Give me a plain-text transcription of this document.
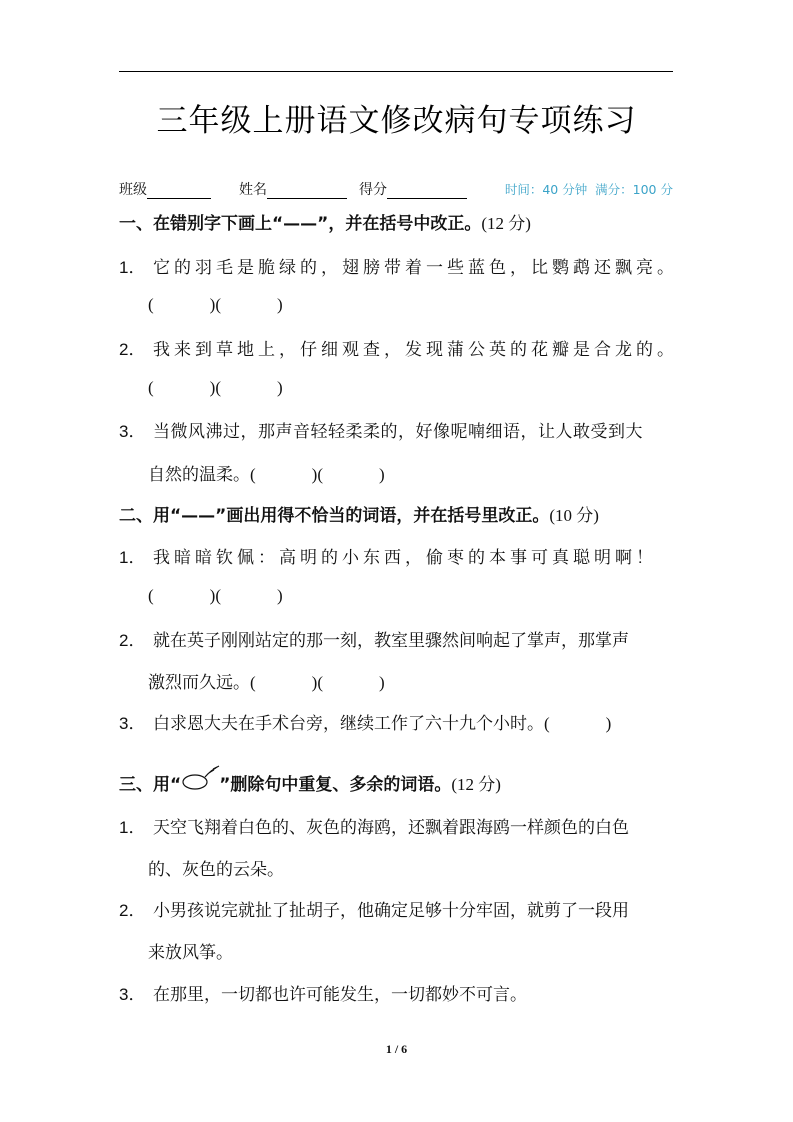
三年级上册语文修改病句专项练习
班级	姓名	得分	时间：40 分钟 满分：100 分
一、在错别字下画上“——”，并在括号中改正。(12 分)
1． 它的羽毛是脆绿的，翅膀带着一些蓝色，比鹦鹉还飘亮。
(	)(	)
2． 我来到草地上，仔细观查，发现蒲公英的花瓣是合龙的。
(	)(	)
3． 当微风沸过，那声音轻轻柔柔的，好像呢喃细语，让人敢受到大
自然的温柔。(	)(	)
二、用“——”画出用得不恰当的词语，并在括号里改正。(10 分)
1． 我暗暗钦佩：高明的小东西，偷枣的本事可真聪明啊！
(	)(	)
2． 就在英子刚刚站定的那一刻，教室里骤然间响起了掌声，那掌声
激烈而久远。(	)(	)
3． 白求恩大夫在手术台旁，继续工作了六十九个小时。(	)
三、用“ ”删除句中重复、多余的词语。(12 分)
1． 天空飞翔着白色的、灰色的海鸥，还飘着跟海鸥一样颜色的白色
的、灰色的云朵。
2． 小男孩说完就扯了扯胡子，他确定足够十分牢固，就剪了一段用
来放风筝。
3． 在那里，一切都也许可能发生，一切都妙不可言。
1 / 6
